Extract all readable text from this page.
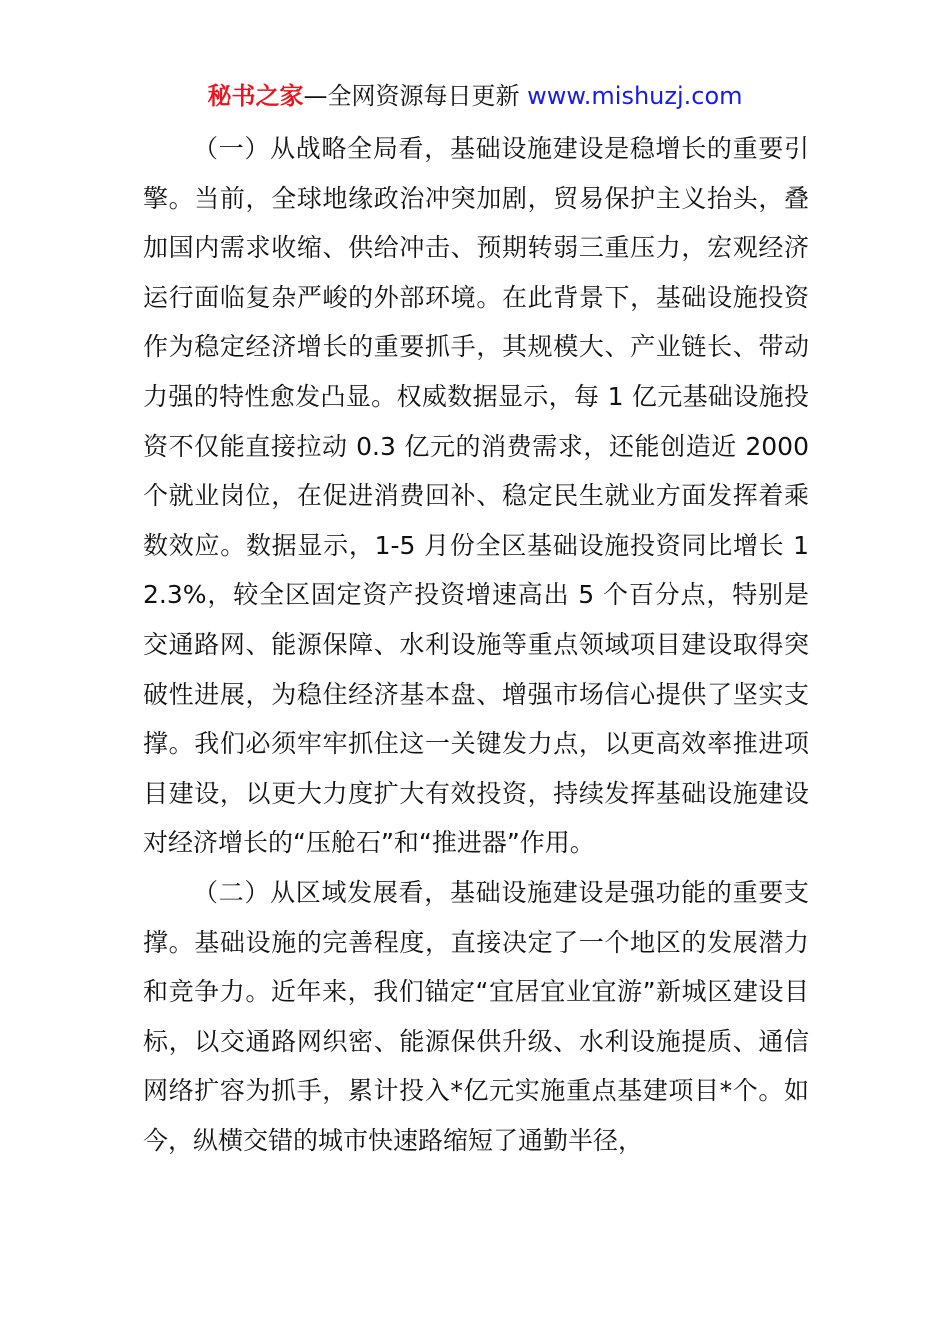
秘书之家—全网资源每日更新 www.mishuzj.com

（一）从战略全局看，基础设施建设是稳增长的重要引擎。当前，全球地缘政治冲突加剧，贸易保护主义抬头，叠加国内需求收缩、供给冲击、预期转弱三重压力，宏观经济运行面临复杂严峻的外部环境。在此背景下，基础设施投资作为稳定经济增长的重要抓手，其规模大、产业链长、带动力强的特性愈发凸显。权威数据显示，每 1 亿元基础设施投资不仅能直接拉动 0.3 亿元的消费需求，还能创造近 2000 个就业岗位，在促进消费回补、稳定民生就业方面发挥着乘数效应。数据显示，1-5 月份全区基础设施投资同比增长 12.3%，较全区固定资产投资增速高出 5 个百分点，特别是交通路网、能源保障、水利设施等重点领域项目建设取得突破性进展，为稳住经济基本盘、增强市场信心提供了坚实支撑。我们必须牢牢抓住这一关键发力点，以更高效率推进项目建设，以更大力度扩大有效投资，持续发挥基础设施建设对经济增长的“压舱石”和“推进器”作用。

（二）从区域发展看，基础设施建设是强功能的重要支撑。基础设施的完善程度，直接决定了一个地区的发展潜力和竞争力。近年来，我们锚定“宜居宜业宜游”新城区建设目标，以交通路网织密、能源保供升级、水利设施提质、通信网络扩容为抓手，累计投入*亿元实施重点基建项目*个。如今，纵横交错的城市快速路缩短了通勤半径，
